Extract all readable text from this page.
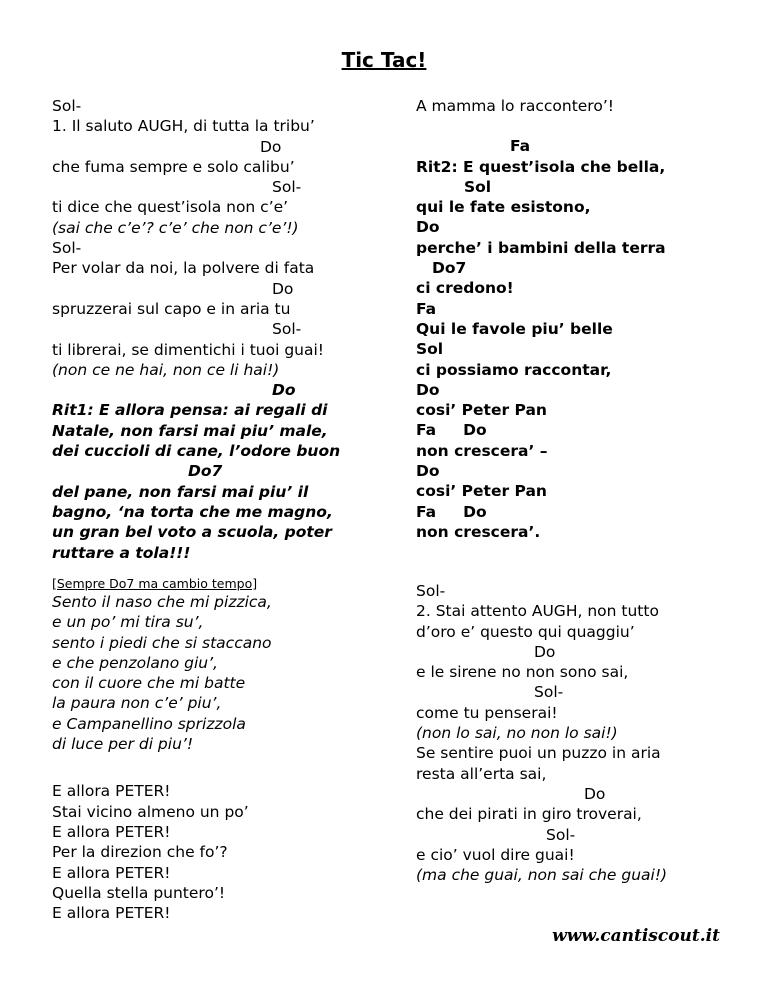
Tic Tac!
Sol-
1. Il saluto AUGH, di tutta la tribu’
Do
che fuma sempre e solo calibu’
Sol-
ti dice che quest’isola non c’e’
(sai che c’e’? c’e’ che non c’e’!)
Sol-
Per volar da noi, la polvere di fata
Do
spruzzerai sul capo e in aria tu
Sol-
ti librerai, se dimentichi i tuoi guai!
(non ce ne hai, non ce li hai!)
Do
Rit1: E allora pensa: ai regali di
Natale, non farsi mai piu’ male,
dei cuccioli di cane, l’odore buon
Do7
del pane, non farsi mai piu’ il
bagno, ‘na torta che me magno,
un gran bel voto a scuola, poter
ruttare a tola!!!
A mamma lo raccontero’!
Fa
Rit2: E quest’isola che bella,
Sol
qui le fate esistono,
Do
perche’ i bambini della terra
Do7
ci credono!
Fa
Qui le favole piu’ belle
Sol
ci possiamo raccontar,
Do
cosi’ Peter Pan
Fa     Do
non crescera’ –
Do
cosi’ Peter Pan
Fa     Do
non crescera’.
[Sempre Do7 ma cambio tempo]
Sento il naso che mi pizzica,
e un po’ mi tira su’,
sento i piedi che si staccano
e che penzolano giu’,
con il cuore che mi batte
la paura non c’e’ piu’,
e Campanellino sprizzola
di luce per di piu’!
E allora PETER!
Stai vicino almeno un po’
E allora PETER!
Per la direzion che fo’?
E allora PETER!
Quella stella puntero’!
E allora PETER!
Sol-
2. Stai attento AUGH, non tutto
d’oro e’ questo qui quaggiu’
Do
e le sirene no non sono sai,
Sol-
come tu penserai!
(non lo sai, no non lo sai!)
Se sentire puoi un puzzo in aria
resta all’erta sai,
Do
che dei pirati in giro troverai,
Sol-
e cio’ vuol dire guai!
(ma che guai, non sai che guai!)
www.cantiscout.it
